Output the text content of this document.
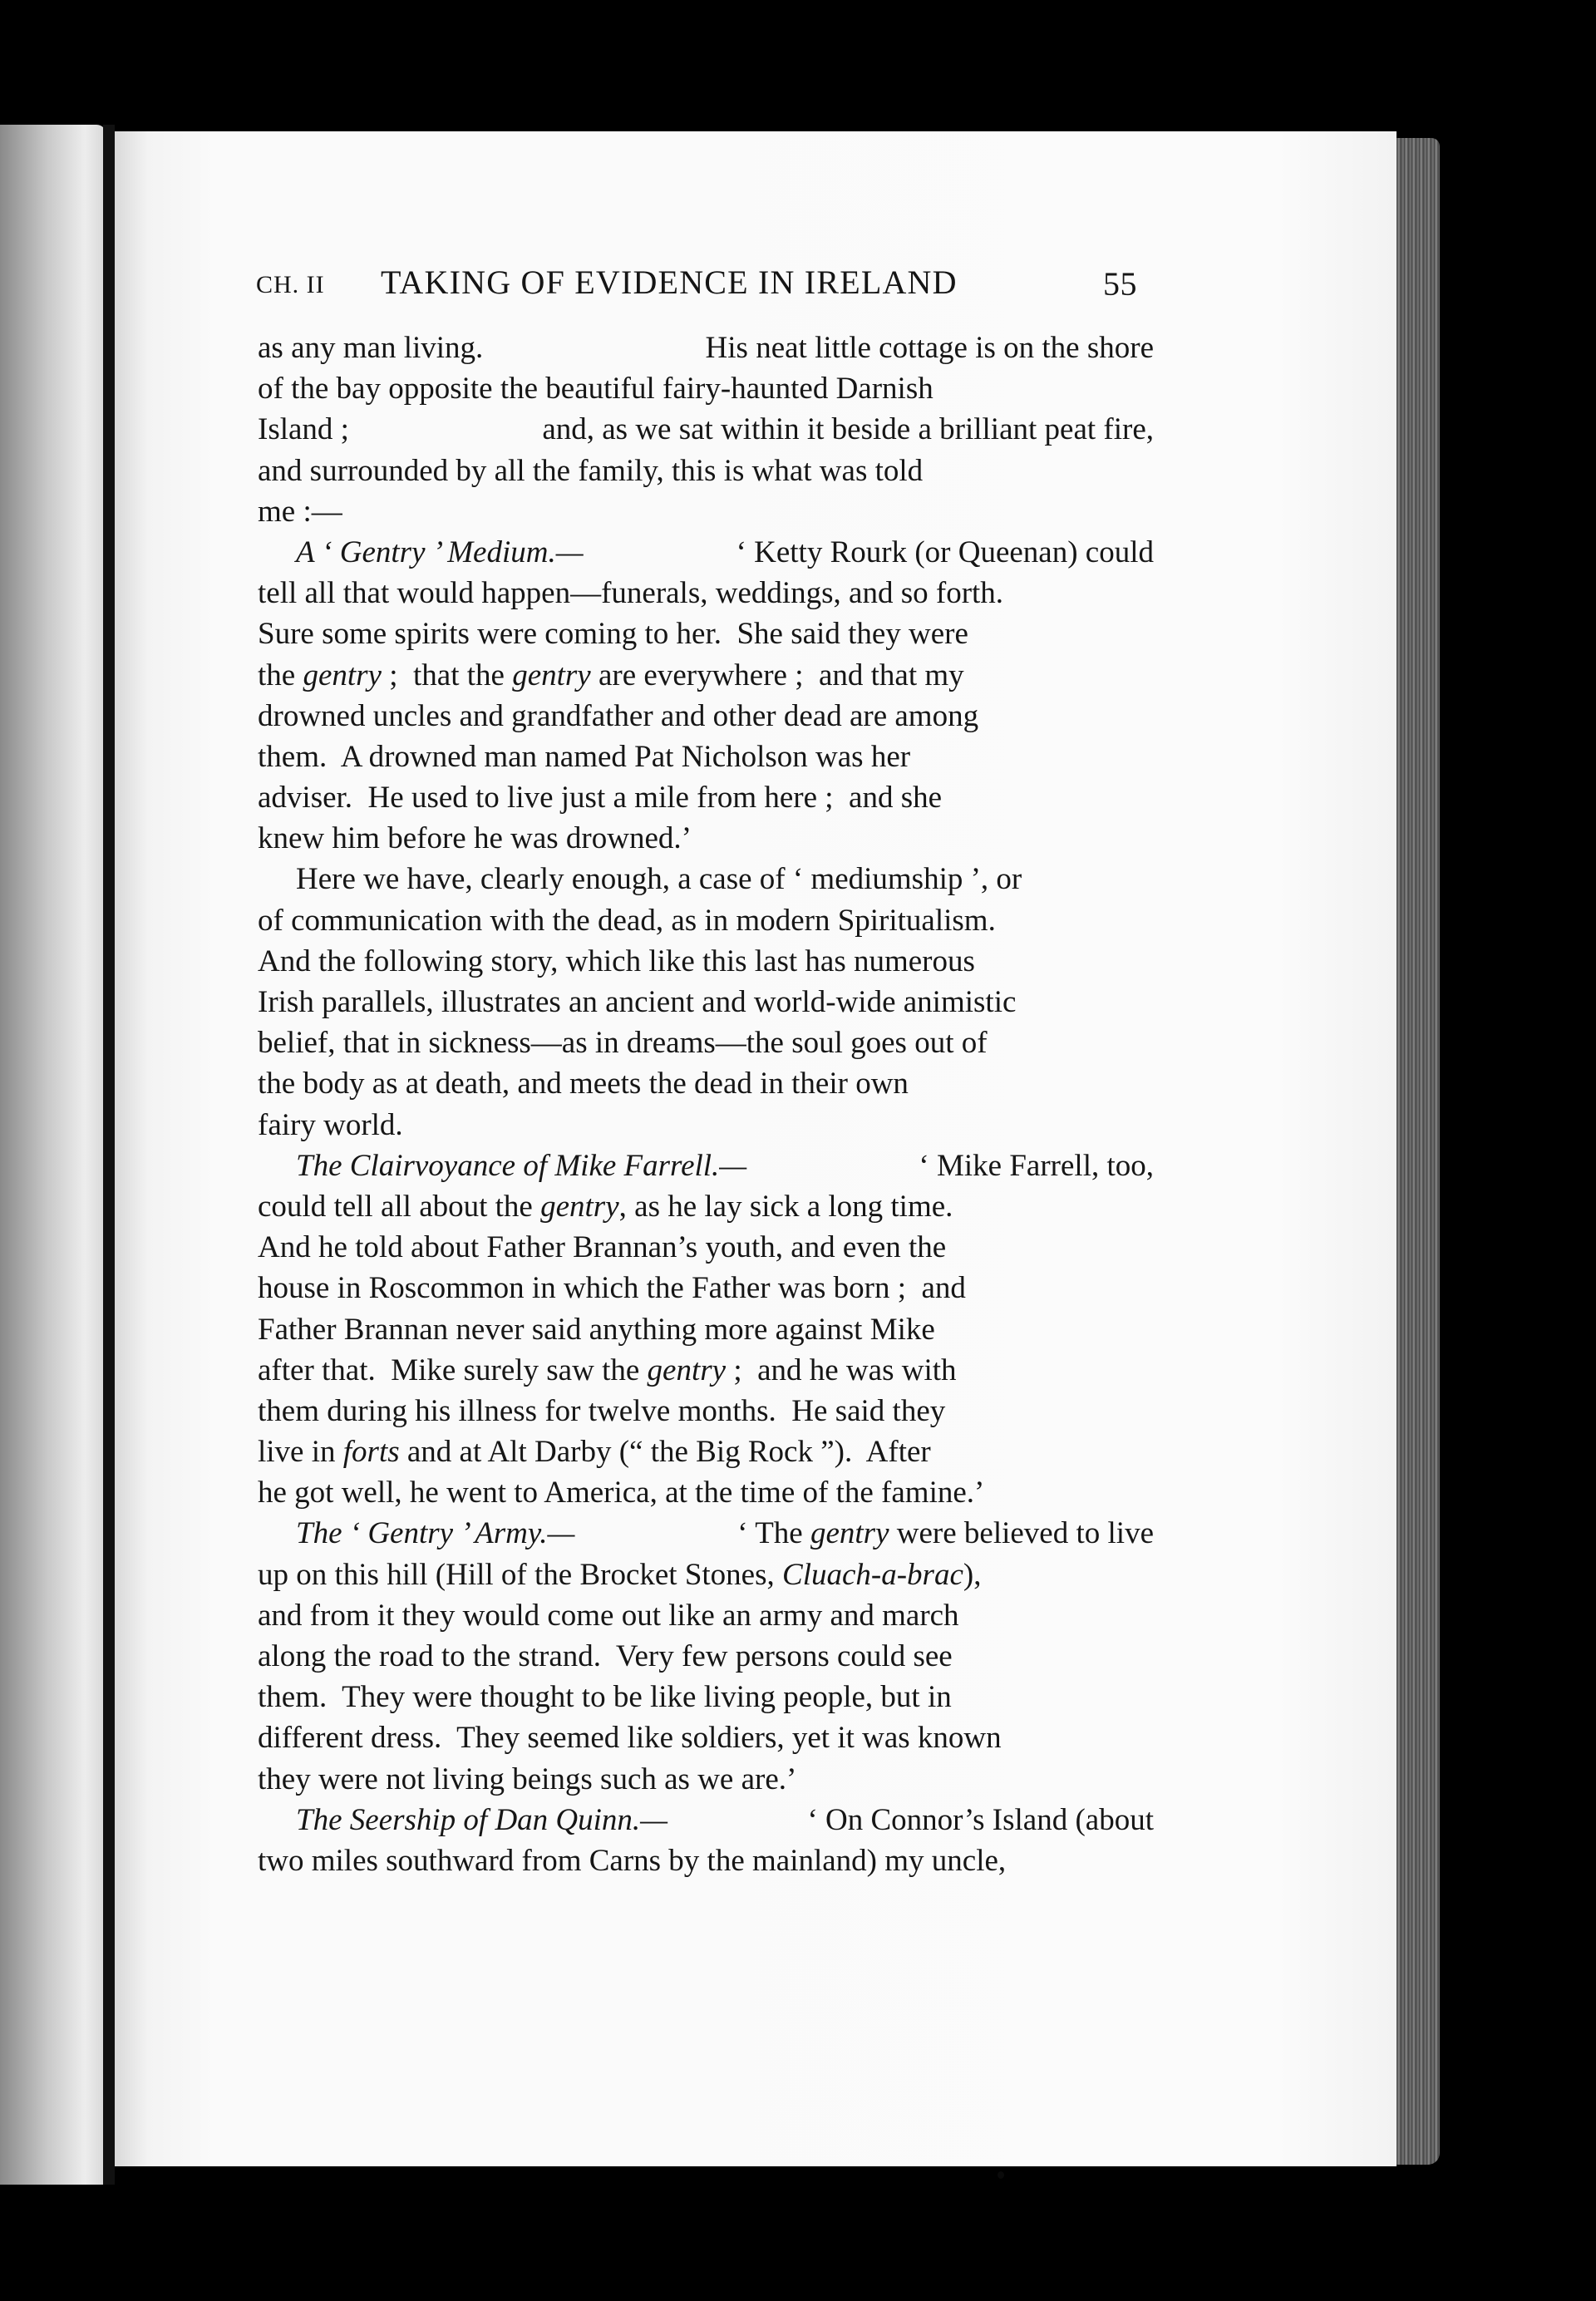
CH. II TAKING OF EVIDENCE IN IRELAND	55
as any man living.	His neat little cottage is on the shore
of the bay opposite the beautiful fairy-haunted Darnish
Island ;	and, as we sat within it beside a brilliant peat fire,
and surrounded by all the family, this is what was told
me :—
A ‘ Gentry ’ Medium.—	‘ Ketty Rourk (or Queenan) could
tell all that would happen—funerals, weddings, and so forth.
Sure some spirits were coming to her.  She said they were
the
gentry ;  that the gentry are everywhere ;  and that my
drowned uncles and grandfather and other dead are among
them.  A drowned man named Pat Nicholson was her
adviser.  He used to live just a mile from here ;  and she
knew him before he was drowned.’
Here we have, clearly enough, a case of ‘ mediumship ’, or
of communication with the dead, as in modern Spiritualism.
And the following story, which like this last has numerous
Irish parallels, illustrates an ancient and world-wide animistic
belief, that in sickness—as in dreams—the soul goes out of
the body as at death, and meets the dead in their own
fairy world.
The Clairvoyance of Mike Farrell.—	‘ Mike Farrell, too,
could tell all about the gentry, as he lay sick a long time.
And he told about Father Brannan’s youth, and even the
house in Roscommon in which the Father was born ;  and
Father Brannan never said anything more against Mike
after that.  Mike surely saw the gentry ;  and he was with
them during his illness for twelve months.  He said they
live in forts and at Alt Darby (“ the Big Rock ”).  After
he got well, he went to America, at the time of the famine.’
The ‘ Gentry ’ Army.—	‘ The gentry were believed to live
up on this hill (Hill of the Brocket Stones, Cluach-a-brac),
and from it they would come out like an army and march
along the road to the strand.  Very few persons could see
them.  They were thought to be like living people, but in
different dress.  They seemed like soldiers, yet it was known
they were not living beings such as we are.’
The Seership of Dan Quinn.—	‘ On Connor’s Island (about
two miles southward from Carns by the mainland) my uncle,
